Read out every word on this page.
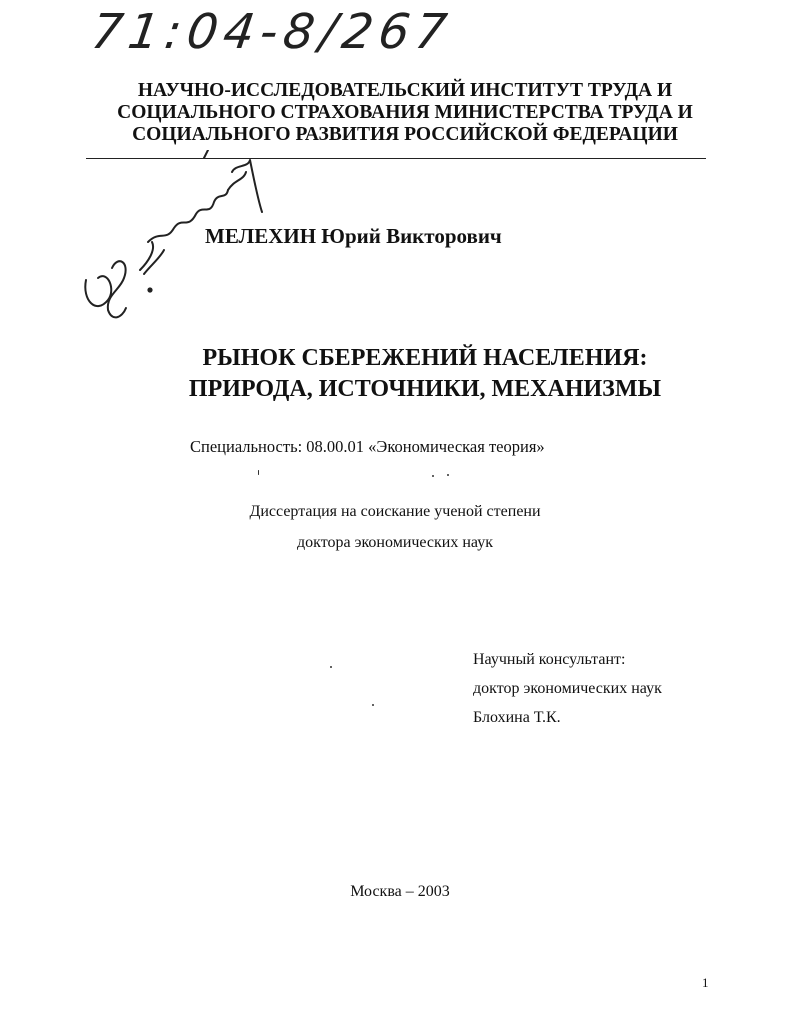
71:04-8/267
НАУЧНО-ИССЛЕДОВАТЕЛЬСКИЙ ИНСТИТУТ ТРУДА И
СОЦИАЛЬНОГО СТРАХОВАНИЯ МИНИСТЕРСТВА ТРУДА И
СОЦИАЛЬНОГО РАЗВИТИЯ РОССИЙСКОЙ ФЕДЕРАЦИИ
МЕЛЕХИН Юрий Викторович
РЫНОК СБЕРЕЖЕНИЙ НАСЕЛЕНИЯ:
ПРИРОДА, ИСТОЧНИКИ, МЕХАНИЗМЫ
Специальность: 08.00.01 «Экономическая теория»
Диссертация на соискание ученой степени
доктора экономических наук
Научный консультант:
доктор экономических наук
Блохина Т.К.
Москва – 2003
1
